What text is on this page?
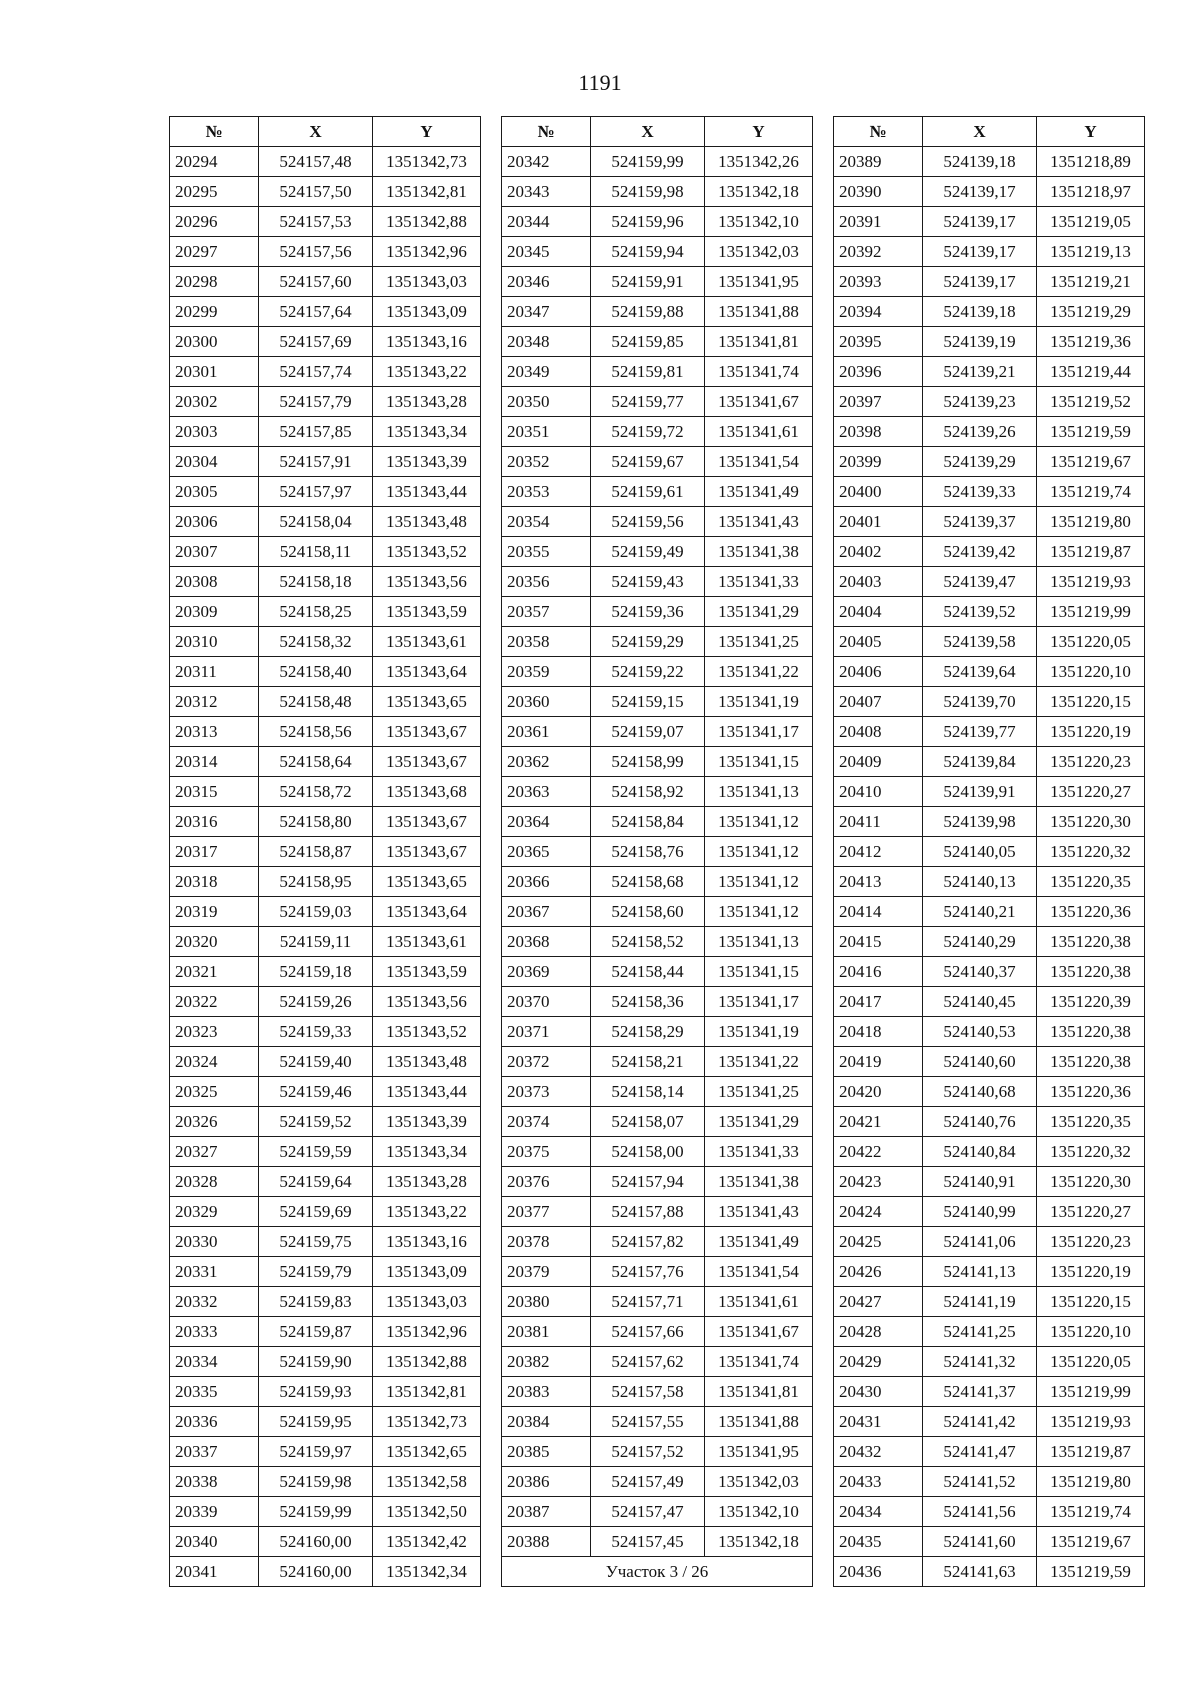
1191
№	X	Y
20294	524157,48	1351342,73
20295	524157,50	1351342,81
20296	524157,53	1351342,88
20297	524157,56	1351342,96
20298	524157,60	1351343,03
20299	524157,64	1351343,09
20300	524157,69	1351343,16
20301	524157,74	1351343,22
20302	524157,79	1351343,28
20303	524157,85	1351343,34
20304	524157,91	1351343,39
20305	524157,97	1351343,44
20306	524158,04	1351343,48
20307	524158,11	1351343,52
20308	524158,18	1351343,56
20309	524158,25	1351343,59
20310	524158,32	1351343,61
20311	524158,40	1351343,64
20312	524158,48	1351343,65
20313	524158,56	1351343,67
20314	524158,64	1351343,67
20315	524158,72	1351343,68
20316	524158,80	1351343,67
20317	524158,87	1351343,67
20318	524158,95	1351343,65
20319	524159,03	1351343,64
20320	524159,11	1351343,61
20321	524159,18	1351343,59
20322	524159,26	1351343,56
20323	524159,33	1351343,52
20324	524159,40	1351343,48
20325	524159,46	1351343,44
20326	524159,52	1351343,39
20327	524159,59	1351343,34
20328	524159,64	1351343,28
20329	524159,69	1351343,22
20330	524159,75	1351343,16
20331	524159,79	1351343,09
20332	524159,83	1351343,03
20333	524159,87	1351342,96
20334	524159,90	1351342,88
20335	524159,93	1351342,81
20336	524159,95	1351342,73
20337	524159,97	1351342,65
20338	524159,98	1351342,58
20339	524159,99	1351342,50
20340	524160,00	1351342,42
20341	524160,00	1351342,34
№	X	Y
20342	524159,99	1351342,26
20343	524159,98	1351342,18
20344	524159,96	1351342,10
20345	524159,94	1351342,03
20346	524159,91	1351341,95
20347	524159,88	1351341,88
20348	524159,85	1351341,81
20349	524159,81	1351341,74
20350	524159,77	1351341,67
20351	524159,72	1351341,61
20352	524159,67	1351341,54
20353	524159,61	1351341,49
20354	524159,56	1351341,43
20355	524159,49	1351341,38
20356	524159,43	1351341,33
20357	524159,36	1351341,29
20358	524159,29	1351341,25
20359	524159,22	1351341,22
20360	524159,15	1351341,19
20361	524159,07	1351341,17
20362	524158,99	1351341,15
20363	524158,92	1351341,13
20364	524158,84	1351341,12
20365	524158,76	1351341,12
20366	524158,68	1351341,12
20367	524158,60	1351341,12
20368	524158,52	1351341,13
20369	524158,44	1351341,15
20370	524158,36	1351341,17
20371	524158,29	1351341,19
20372	524158,21	1351341,22
20373	524158,14	1351341,25
20374	524158,07	1351341,29
20375	524158,00	1351341,33
20376	524157,94	1351341,38
20377	524157,88	1351341,43
20378	524157,82	1351341,49
20379	524157,76	1351341,54
20380	524157,71	1351341,61
20381	524157,66	1351341,67
20382	524157,62	1351341,74
20383	524157,58	1351341,81
20384	524157,55	1351341,88
20385	524157,52	1351341,95
20386	524157,49	1351342,03
20387	524157,47	1351342,10
20388	524157,45	1351342,18
Участок 3 / 26		
№	X	Y
20389	524139,18	1351218,89
20390	524139,17	1351218,97
20391	524139,17	1351219,05
20392	524139,17	1351219,13
20393	524139,17	1351219,21
20394	524139,18	1351219,29
20395	524139,19	1351219,36
20396	524139,21	1351219,44
20397	524139,23	1351219,52
20398	524139,26	1351219,59
20399	524139,29	1351219,67
20400	524139,33	1351219,74
20401	524139,37	1351219,80
20402	524139,42	1351219,87
20403	524139,47	1351219,93
20404	524139,52	1351219,99
20405	524139,58	1351220,05
20406	524139,64	1351220,10
20407	524139,70	1351220,15
20408	524139,77	1351220,19
20409	524139,84	1351220,23
20410	524139,91	1351220,27
20411	524139,98	1351220,30
20412	524140,05	1351220,32
20413	524140,13	1351220,35
20414	524140,21	1351220,36
20415	524140,29	1351220,38
20416	524140,37	1351220,38
20417	524140,45	1351220,39
20418	524140,53	1351220,38
20419	524140,60	1351220,38
20420	524140,68	1351220,36
20421	524140,76	1351220,35
20422	524140,84	1351220,32
20423	524140,91	1351220,30
20424	524140,99	1351220,27
20425	524141,06	1351220,23
20426	524141,13	1351220,19
20427	524141,19	1351220,15
20428	524141,25	1351220,10
20429	524141,32	1351220,05
20430	524141,37	1351219,99
20431	524141,42	1351219,93
20432	524141,47	1351219,87
20433	524141,52	1351219,80
20434	524141,56	1351219,74
20435	524141,60	1351219,67
20436	524141,63	1351219,59
